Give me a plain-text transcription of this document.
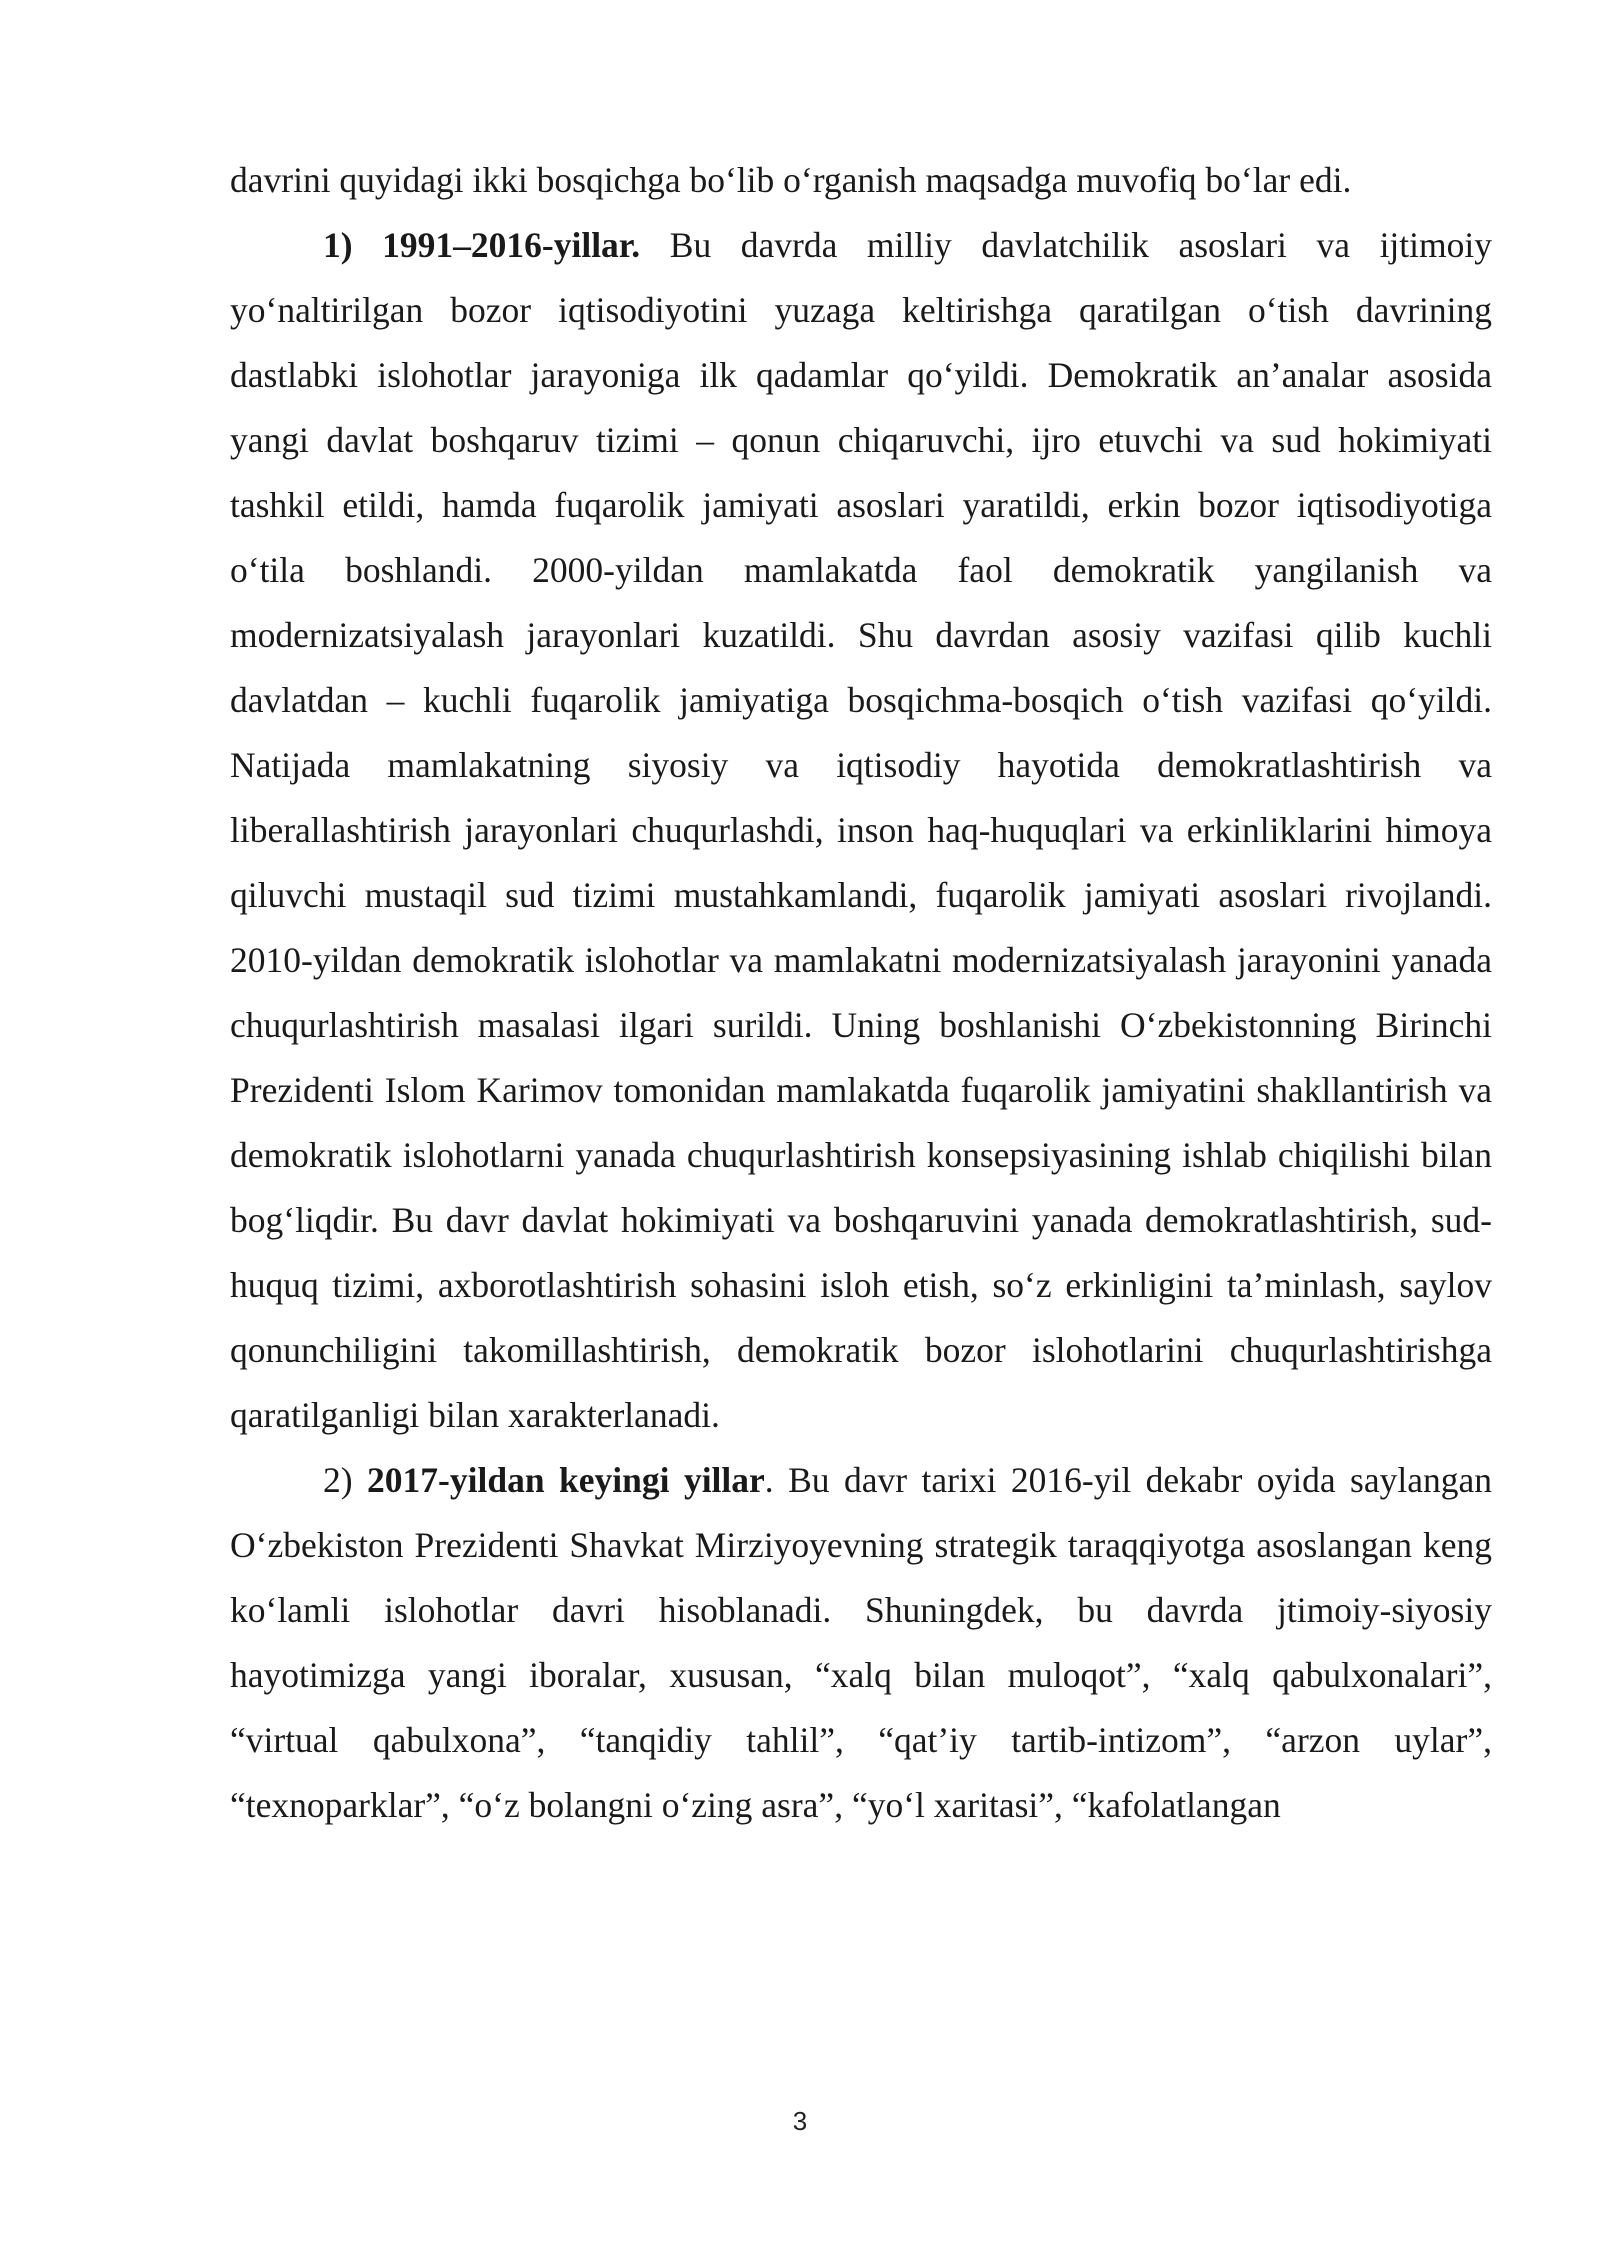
davrini quyidagi ikki bosqichga bo‘lib o‘rganish maqsadga muvofiq bo‘lar edi.

1) 1991–2016-yillar. Bu davrda milliy davlatchilik asoslari va ijtimoiy yo‘naltirilgan bozor iqtisodiyotini yuzaga keltirishga qaratilgan o‘tish davrining dastlabki islohotlar jarayoniga ilk qadamlar qo‘yildi. Demokratik an’analar asosida yangi davlat boshqaruv tizimi – qonun chiqaruvchi, ijro etuvchi va sud hokimiyati tashkil etildi, hamda fuqarolik jamiyati asoslari yaratildi, erkin bozor iqtisodiyotiga o‘tila boshlandi. 2000-yildan mamlakatda faol demokratik yangilanish va modernizatsiyalash jarayonlari kuzatildi. Shu davrdan asosiy vazifasi qilib kuchli davlatdan – kuchli fuqarolik jamiyatiga bosqichma-bosqich o‘tish vazifasi qo‘yildi. Natijada mamlakatning siyosiy va iqtisodiy hayotida demokratlashtirish va liberallashtirish jarayonlari chuqurlashdi, inson haq-huquqlari va erkinliklarini himoya qiluvchi mustaqil sud tizimi mustahkamlandi, fuqarolik jamiyati asoslari rivojlandi. 2010-yildan demokratik islohotlar va mamlakatni modernizatsiyalash jarayonini yanada chuqurlashtirish masalasi ilgari surildi. Uning boshlanishi O‘zbekistonning Birinchi Prezidenti Islom Karimov tomonidan mamlakatda fuqarolik jamiyatini shakllantirish va demokratik islohotlarni yanada chuqurlashtirish konsepsiyasining ishlab chiqilishi bilan bog‘liqdir. Bu davr davlat hokimiyati va boshqaruvini yanada demokratlashtirish, sud-huquq tizimi, axborotlashtirish sohasini isloh etish, so‘z erkinligini ta’minlash, saylov qonunchiligini takomillashtirish, demokratik bozor islohotlarini chuqurlashtirishga qaratilganligi bilan xarakterlanadi.

2) 2017-yildan keyingi yillar. Bu davr tarixi 2016-yil dekabr oyida saylangan O‘zbekiston Prezidenti Shavkat Mirziyoyevning strategik taraqqiyotga asoslangan keng ko‘lamli islohotlar davri hisoblanadi. Shuningdek, bu davrda jtimoiy-siyosiy hayotimizga yangi iboralar, xususan, “xalq bilan muloqot”, “xalq qabulxonalari”, “virtual qabulxona”, “tanqidiy tahlil”, “qat’iy tartib-intizom”, “arzon uylar”, “texnoparklar”, “o‘z bolangni o‘zing asra”, “yo‘l xaritasi”, “kafolatlangan

3
